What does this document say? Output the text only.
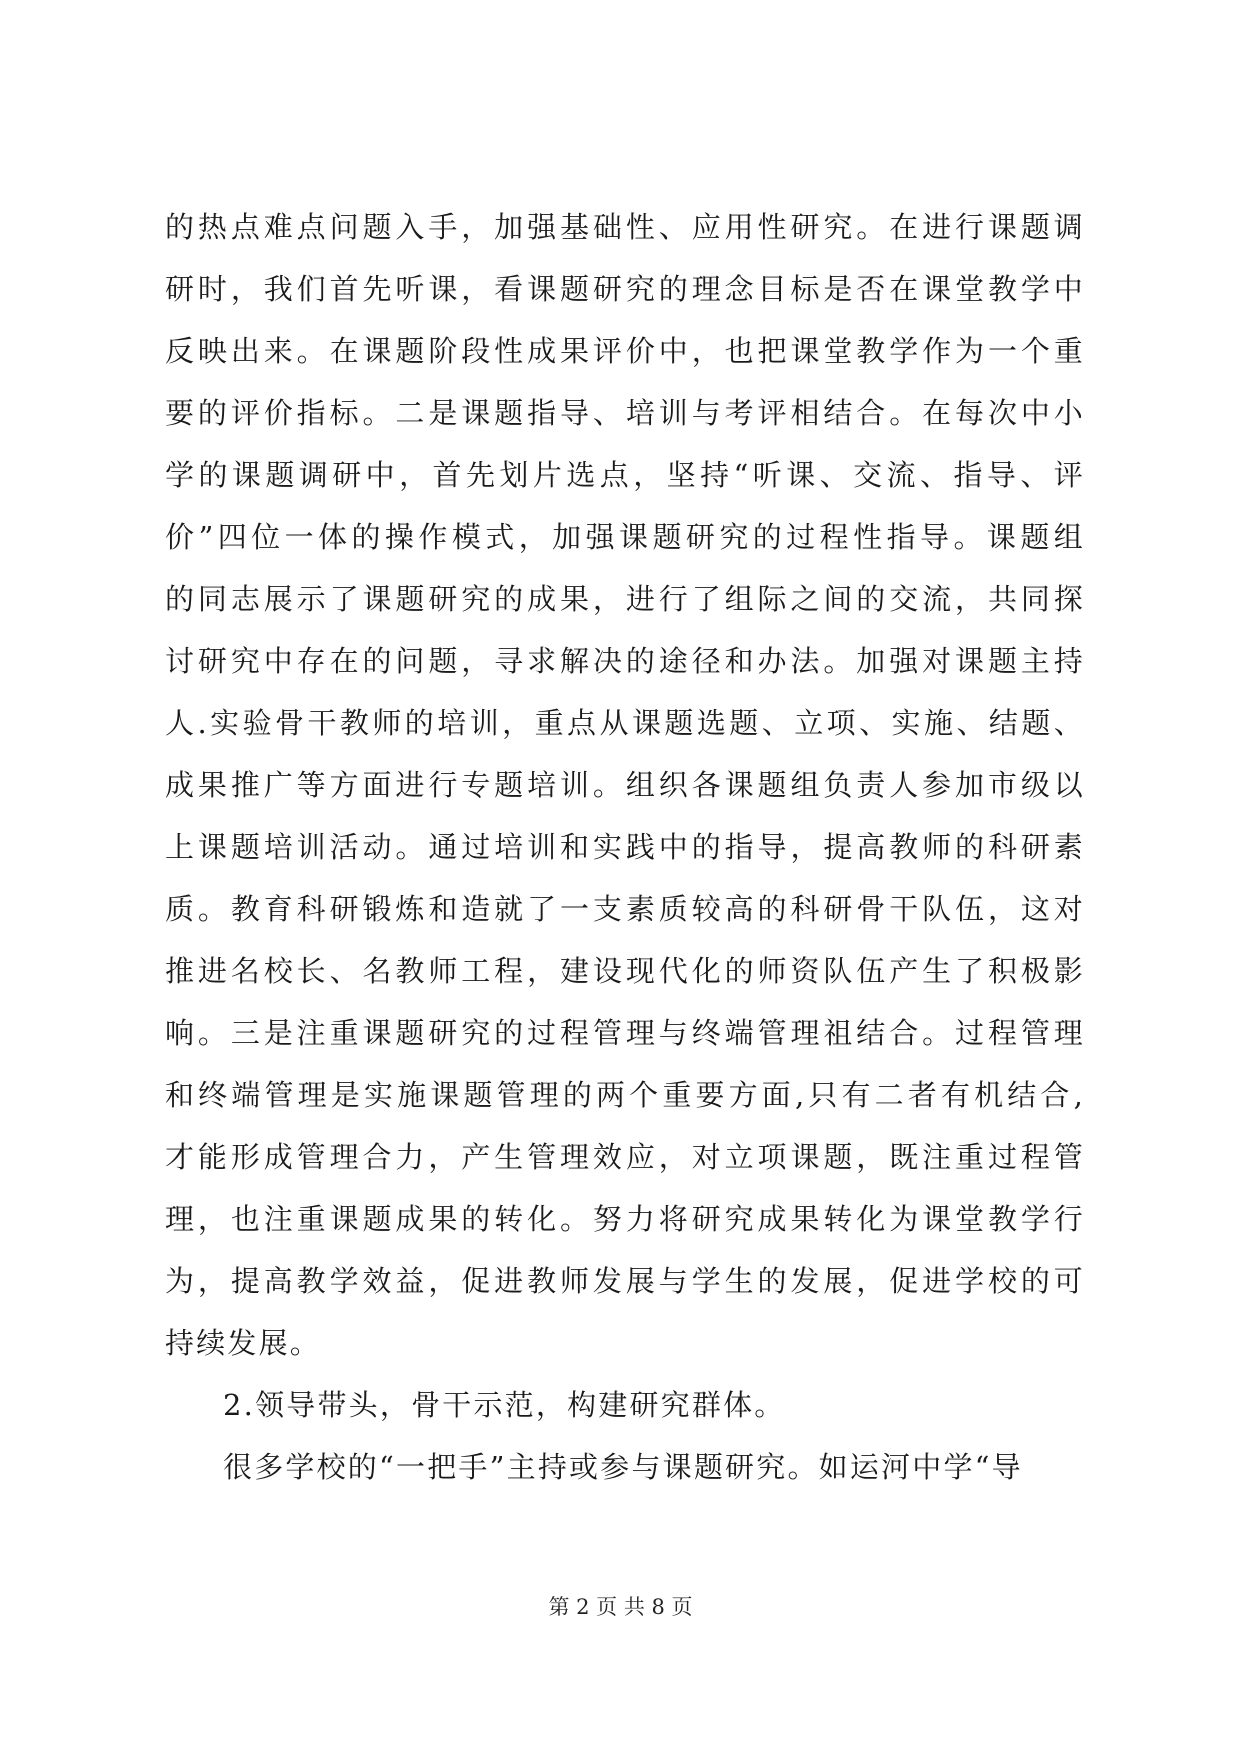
的热点难点问题入手，加强基础性、应用性研究。在进行课题调
研时，我们首先听课，看课题研究的理念目标是否在课堂教学中
反映出来。在课题阶段性成果评价中，也把课堂教学作为一个重
要的评价指标。二是课题指导、培训与考评相结合。在每次中小
学的课题调研中，首先划片选点，坚持“听课、交流、指导、评
价”四位一体的操作模式，加强课题研究的过程性指导。课题组
的同志展示了课题研究的成果，进行了组际之间的交流，共同探
讨研究中存在的问题，寻求解决的途径和办法。加强对课题主持
人.实验骨干教师的培训，重点从课题选题、立项、实施、结题、
成果推广等方面进行专题培训。组织各课题组负责人参加市级以
上课题培训活动。通过培训和实践中的指导，提高教师的科研素
质。教育科研锻炼和造就了一支素质较高的科研骨干队伍，这对
推进名校长、名教师工程，建设现代化的师资队伍产生了积极影
响。三是注重课题研究的过程管理与终端管理祖结合。过程管理
和终端管理是实施课题管理的两个重要方面,只有二者有机结合,
才能形成管理合力，产生管理效应，对立项课题，既注重过程管
理，也注重课题成果的转化。努力将研究成果转化为课堂教学行
为，提高教学效益，促进教师发展与学生的发展，促进学校的可
持续发展。
2.领导带头，骨干示范，构建研究群体。
很多学校的“一把手”主持或参与课题研究。如运河中学“导
第 2 页 共 8 页
